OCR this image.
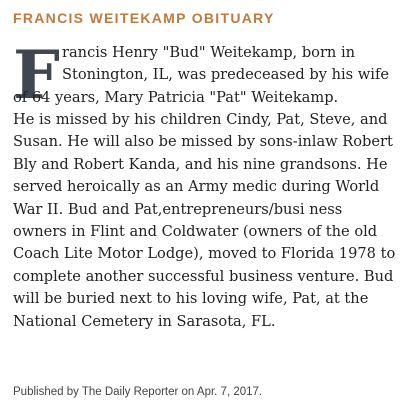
FRANCIS WEITEKAMP OBITUARY
F rancis Henry "Bud" Weitekamp, born in
Stonington, IL, was predeceased by his wife
of 64 years, Mary Patricia "Pat" Weitekamp.
He is missed by his children Cindy, Pat, Steve, and
Susan. He will also be missed by sons-inlaw Robert
Bly and Robert Kanda, and his nine grandsons. He
served heroically as an Army medic during World
War II. Bud and Pat,entrepreneurs/busi ness
owners in Flint and Coldwater (owners of the old
Coach Lite Motor Lodge), moved to Florida 1978 to
complete another successful business venture. Bud
will be buried next to his loving wife, Pat, at the
National Cemetery in Sarasota, FL.
Published by The Daily Reporter on Apr. 7, 2017.
